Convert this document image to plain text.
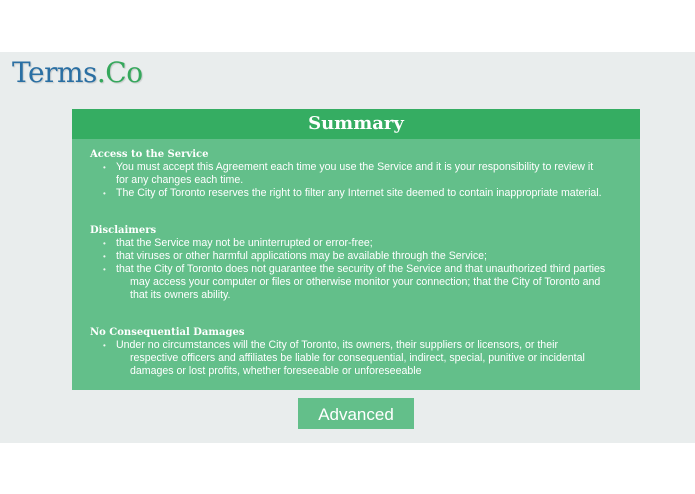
Terms.Co
Summary
Access to the Service
• You must accept this Agreement each time you use the Service and it is your responsibility to review it
for any changes each time.
• The City of Toronto reserves the right to filter any Internet site deemed to contain inappropriate material.
Disclaimers
• that the Service may not be uninterrupted or error-free;
• that viruses or other harmful applications may be available through the Service;
• that the City of Toronto does not guarantee the security of the Service and that unauthorized third parties
may access your computer or files or otherwise monitor your connection; that the City of Toronto and
that its owners ability.
No Consequential Damages
• Under no circumstances will the City of Toronto, its owners, their suppliers or licensors, or their
respective officers and affiliates be liable for consequential, indirect, special, punitive or incidental
damages or lost profits, whether foreseeable or unforeseeable
Advanced
